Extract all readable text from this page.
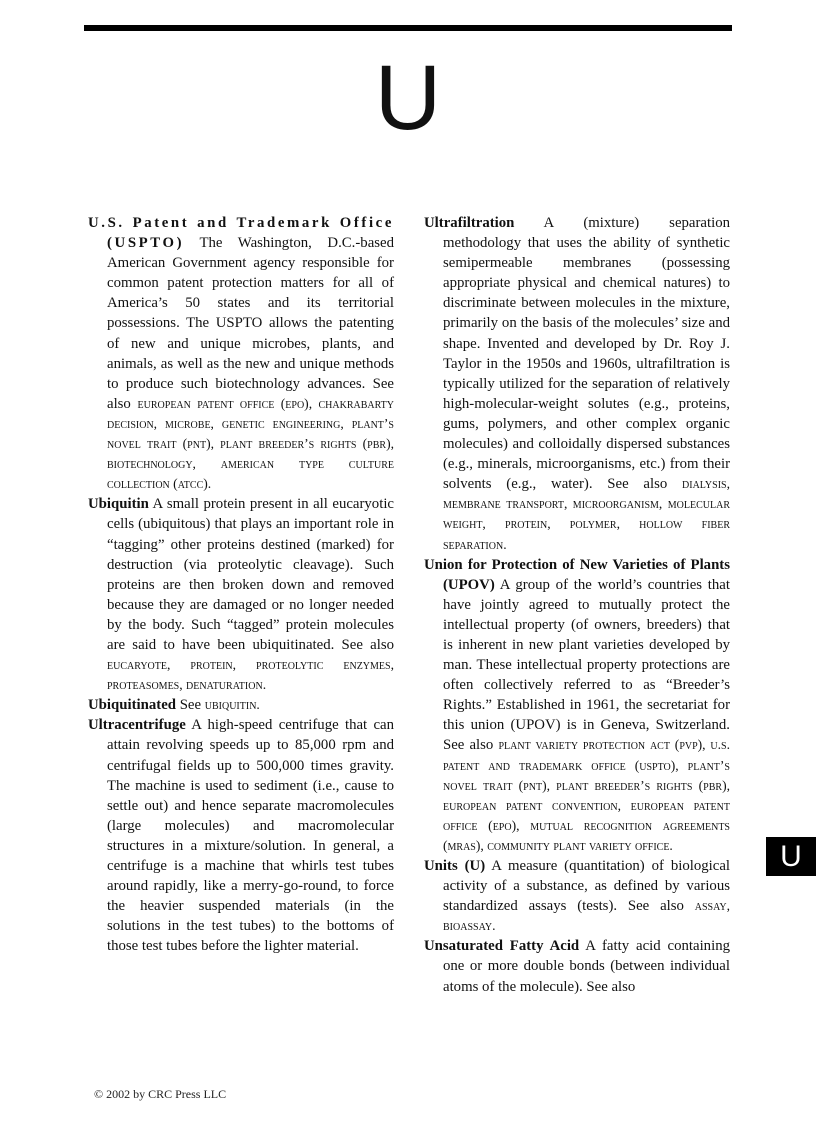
U

U.S. Patent and Trademark Office (USPTO) The Washington, D.C.-based American Government agency responsible for common patent protection matters for all of America’s 50 states and its territorial possessions. The USPTO allows the patenting of new and unique microbes, plants, and animals, as well as the new and unique methods to produce such biotechnology advances. See also european patent office (epo), chakrabarty decision, microbe, genetic engineering, plant’s novel trait (pnt), plant breeder’s rights (pbr), biotechnology, american type culture collection (atcc).

Ubiquitin A small protein present in all eucaryotic cells (ubiquitous) that plays an important role in “tagging” other proteins destined (marked) for destruction (via proteolytic cleavage). Such proteins are then broken down and removed because they are damaged or no longer needed by the body. Such “tagged” protein molecules are said to have been ubiquitinated. See also eucaryote, protein, proteolytic enzymes, proteasomes, denaturation.

Ubiquitinated See ubiquitin.

Ultracentrifuge A high-speed centrifuge that can attain revolving speeds up to 85,000 rpm and centrifugal fields up to 500,000 times gravity. The machine is used to sediment (i.e., cause to settle out) and hence separate macromolecules (large molecules) and macromolecular structures in a mixture/solution. In general, a centrifuge is a machine that whirls test tubes around rapidly, like a merry-go-round, to force the heavier suspended materials (in the solutions in the test tubes) to the bottoms of those test tubes before the lighter material.

Ultrafiltration A (mixture) separation methodology that uses the ability of synthetic semipermeable membranes (possessing appropriate physical and chemical natures) to discriminate between molecules in the mixture, primarily on the basis of the molecules’ size and shape. Invented and developed by Dr. Roy J. Taylor in the 1950s and 1960s, ultrafiltration is typically utilized for the separation of relatively high-molecular-weight solutes (e.g., proteins, gums, polymers, and other complex organic molecules) and colloidally dispersed substances (e.g., minerals, microorganisms, etc.) from their solvents (e.g., water). See also dialysis, membrane transport, microorganism, molecular weight, protein, polymer, hollow fiber separation.

Union for Protection of New Varieties of Plants (UPOV) A group of the world’s countries that have jointly agreed to mutually protect the intellectual property (of owners, breeders) that is inherent in new plant varieties developed by man. These intellectual property protections are often collectively referred to as “Breeder’s Rights.” Established in 1961, the secretariat for this union (UPOV) is in Geneva, Switzerland. See also plant variety protection act (pvp), u.s. patent and trademark office (uspto), plant’s novel trait (pnt), plant breeder’s rights (pbr), european patent convention, european patent office (epo), mutual recognition agreements (mras), community plant variety office.

Units (U) A measure (quantitation) of biological activity of a substance, as defined by various standardized assays (tests). See also assay, bioassay.

Unsaturated Fatty Acid A fatty acid containing one or more double bonds (between individual atoms of the molecule). See also

U
© 2002 by CRC Press LLC
